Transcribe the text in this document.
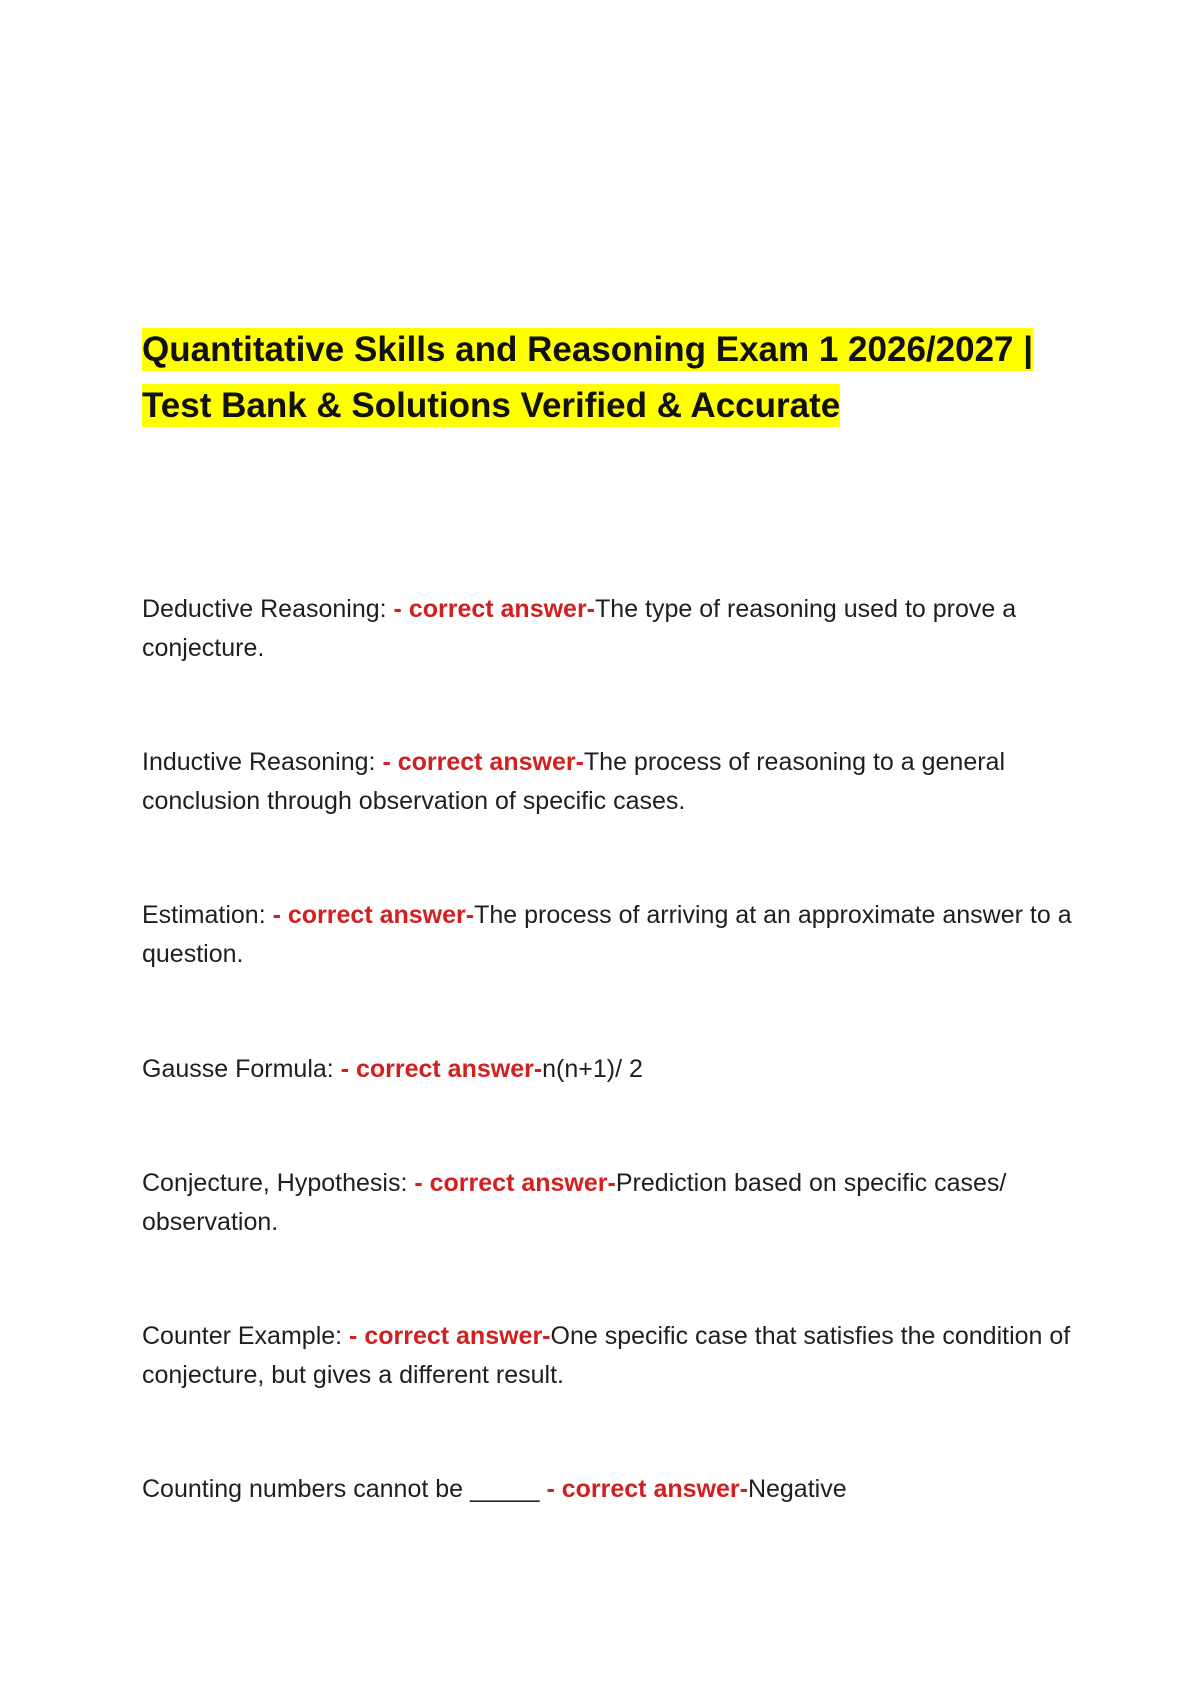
Quantitative Skills and Reasoning Exam 1 2026/2027 |
Test Bank & Solutions Verified & Accurate

Deductive Reasoning: - correct answer-The type of reasoning used to prove a conjecture.

Inductive Reasoning: - correct answer-The process of reasoning to a general conclusion through observation of specific cases.

Estimation: - correct answer-The process of arriving at an approximate answer to a question.

Gausse Formula: - correct answer-n(n+1)/ 2

Conjecture, Hypothesis: - correct answer-Prediction based on specific cases/ observation.

Counter Example: - correct answer-One specific case that satisfies the condition of conjecture, but gives a different result.

Counting numbers cannot be _____ - correct answer-Negative
